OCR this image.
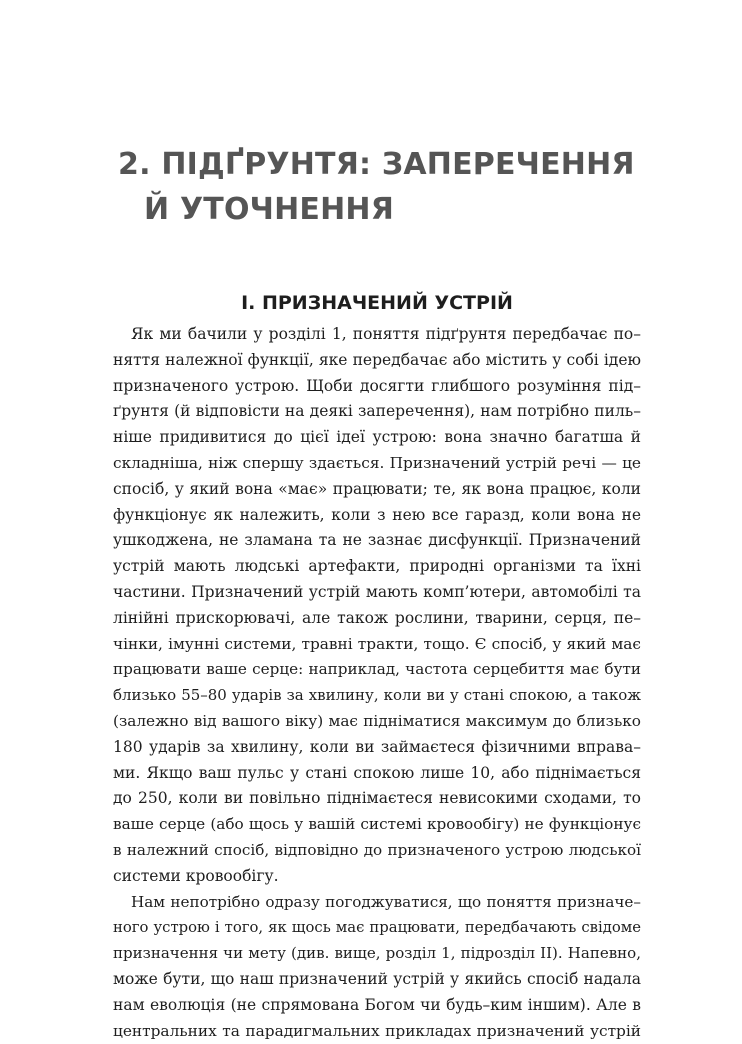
2. ПІДҐРУНТЯ: ЗАПЕРЕЧЕННЯ
Й УТОЧНЕННЯ
I. ПРИЗНАЧЕНИЙ УСТРІЙ
Як ми бачили у розділі 1, поняття підґрунтя передбачає по–
няття належної функції, яке передбачає або містить у собі ідею
призначеного устрою. Щоби досягти глибшого розуміння під–
ґрунтя (й відповісти на деякі заперечення), нам потрібно пиль–
ніше придивитися до цієї ідеї устрою: вона значно багатша й
складніша, ніж спершу здається. Призначений устрій речі — це
спосіб, у який вона «має» працювати; те, як вона працює, коли
функціонує як належить, коли з нею все гаразд, коли вона не
ушкоджена, не зламана та не зазнає дисфункції. Призначений
устрій мають людські артефакти, природні організми та їхні
частини. Призначений устрій мають комп’ютери, автомобілі та
лінійні прискорювачі, але також рослини, тварини, серця, пе–
чінки, імунні системи, травні тракти, тощо. Є спосіб, у який має
працювати ваше серце: наприклад, частота серцебиття має бути
близько 55–80 ударів за хвилину, коли ви у стані спокою, а також
(залежно від вашого віку) має підніматися максимум до близько
180 ударів за хвилину, коли ви займаєтеся фізичними вправа–
ми. Якщо ваш пульс у стані спокою лише 10, або піднімається
до 250, коли ви повільно піднімаєтеся невисокими сходами, то
ваше серце (або щось у вашій системі кровообігу) не функціонує
в належний спосіб, відповідно до призначеного устрою людської
системи кровообігу.
Нам непотрібно одразу погоджуватися, що поняття призначе–
ного устрою і того, як щось має працювати, передбачають свідоме
призначення чи мету (див. вище, розділ 1, підрозділ II). Напевно,
може бути, що наш призначений устрій у якийсь спосіб надала
нам еволюція (не спрямована Богом чи будь–ким іншим). Але в
центральних та парадигмальних прикладах призначений устрій
